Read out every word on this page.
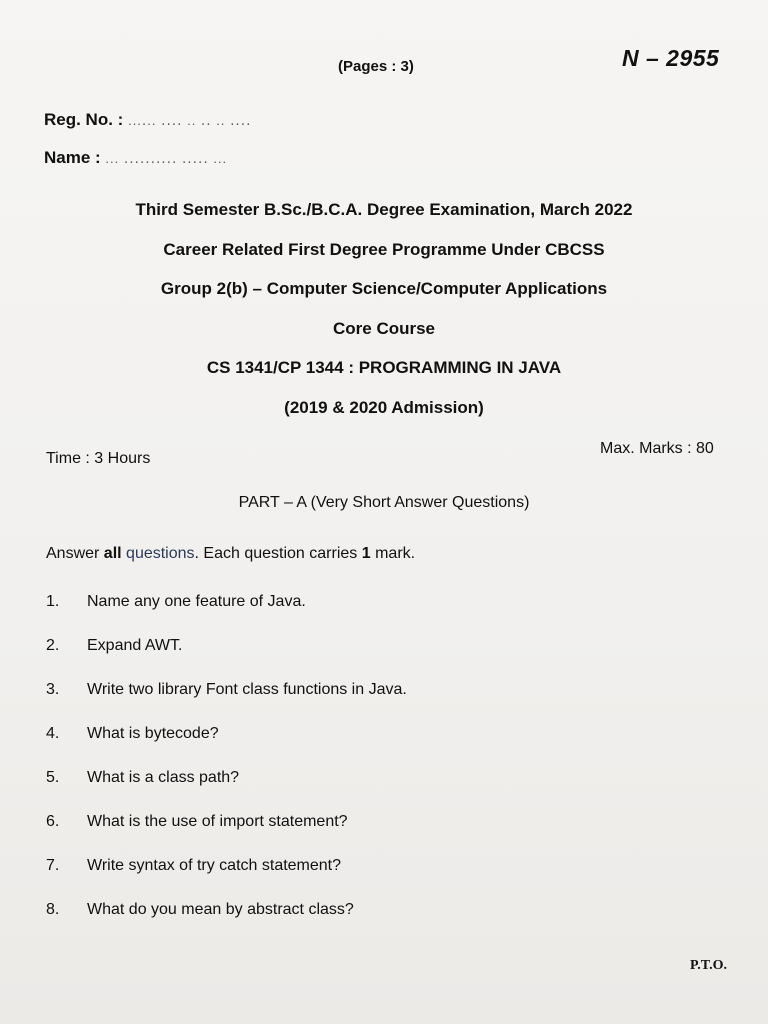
(Pages : 3)	N – 2955
Reg. No. : ...․.. ․․․․ .. ․․ .. ․․․․
Name : ... ․․․․․․․․․․ ․․․․․ ...
Third Semester B.Sc./B.C.A. Degree Examination, March 2022
Career Related First Degree Programme Under CBCSS
Group 2(b) – Computer Science/Computer Applications
Core Course
CS 1341/CP 1344 : PROGRAMMING IN JAVA
(2019 & 2020 Admission)
Time : 3 Hours
Max. Marks : 80
PART – A (Very Short Answer Questions)
Answer all questions. Each question carries 1 mark.
1. Name any one feature of Java.
2. Expand AWT.
3. Write two library Font class functions in Java.
4. What is bytecode?
5. What is a class path?
6. What is the use of import statement?
7. Write syntax of try catch statement?
8. What do you mean by abstract class?
P.T.O.
